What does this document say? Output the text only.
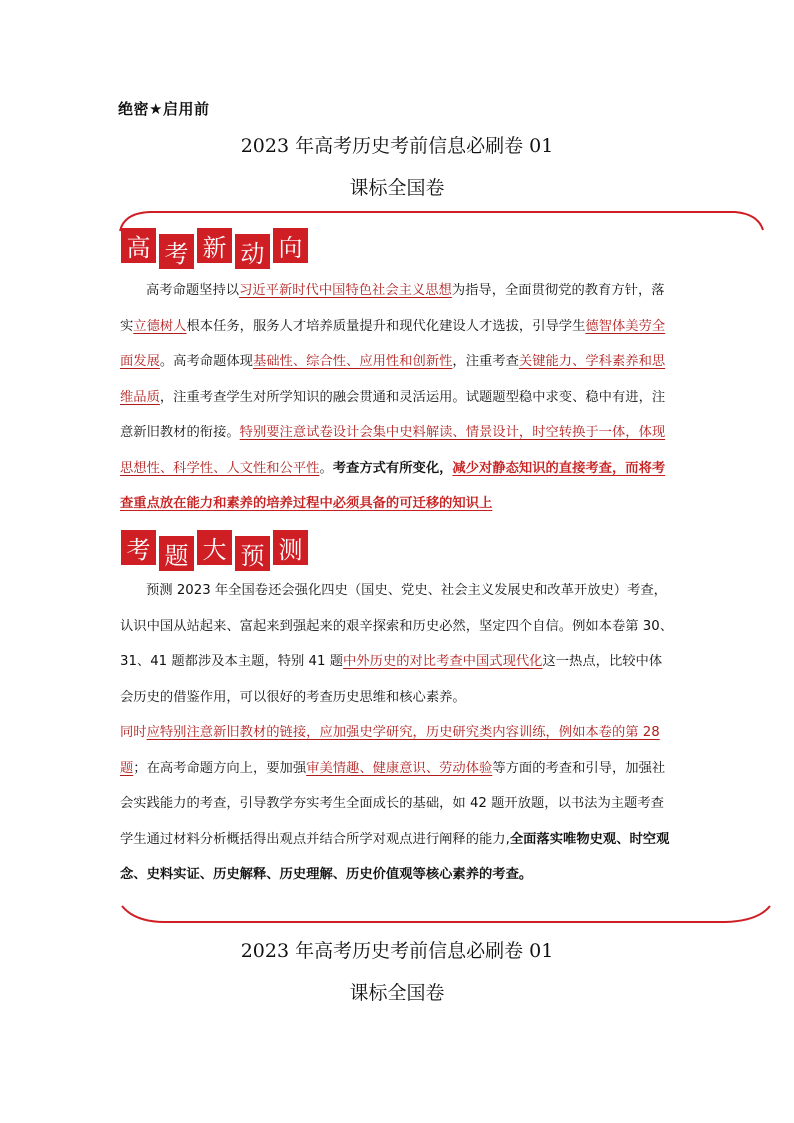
绝密★启用前
2023 年高考历史考前信息必刷卷 01
课标全国卷
高 考 新 动 向

高考命题坚持以习近平新时代中国特色社会主义思想为指导，全面贯彻党的教育方针，落实立德树人根本任务，服务人才培养质量提升和现代化建设人才选拔，引导学生德智体美劳全面发展。高考命题体现基础性、综合性、应用性和创新性，注重考查关键能力、学科素养和思维品质，注重考查学生对所学知识的融会贯通和灵活运用。试题题型稳中求变、稳中有进，注意新旧教材的衔接。特别要注意试卷设计会集中史料解读、情景设计，时空转换于一体，体现思想性、科学性、人文性和公平性。考查方式有所变化，减少对静态知识的直接考查，而将考查重点放在能力和素养的培养过程中必须具备的可迁移的知识上

考 题 大 预 测

预测 2023 年全国卷还会强化四史（国史、党史、社会主义发展史和改革开放史）考查，认识中国从站起来、富起来到强起来的艰辛探索和历史必然，坚定四个自信。例如本卷第 30、31、41 题都涉及本主题，特别 41 题中外历史的对比考查中国式现代化这一热点，比较中体会历史的借鉴作用，可以很好的考查历史思维和核心素养。

同时应特别注意新旧教材的链接，应加强史学研究，历史研究类内容训练，例如本卷的第 28 题；在高考命题方向上，要加强审美情趣、健康意识、劳动体验等方面的考查和引导，加强社会实践能力的考查，引导教学夯实考生全面成长的基础，如 42 题开放题，以书法为主题考查学生通过材料分析概括得出观点并结合所学对观点进行阐释的能力,全面落实唯物史观、时空观念、史料实证、历史解释、历史理解、历史价值观等核心素养的考查。

2023 年高考历史考前信息必刷卷 01
课标全国卷
